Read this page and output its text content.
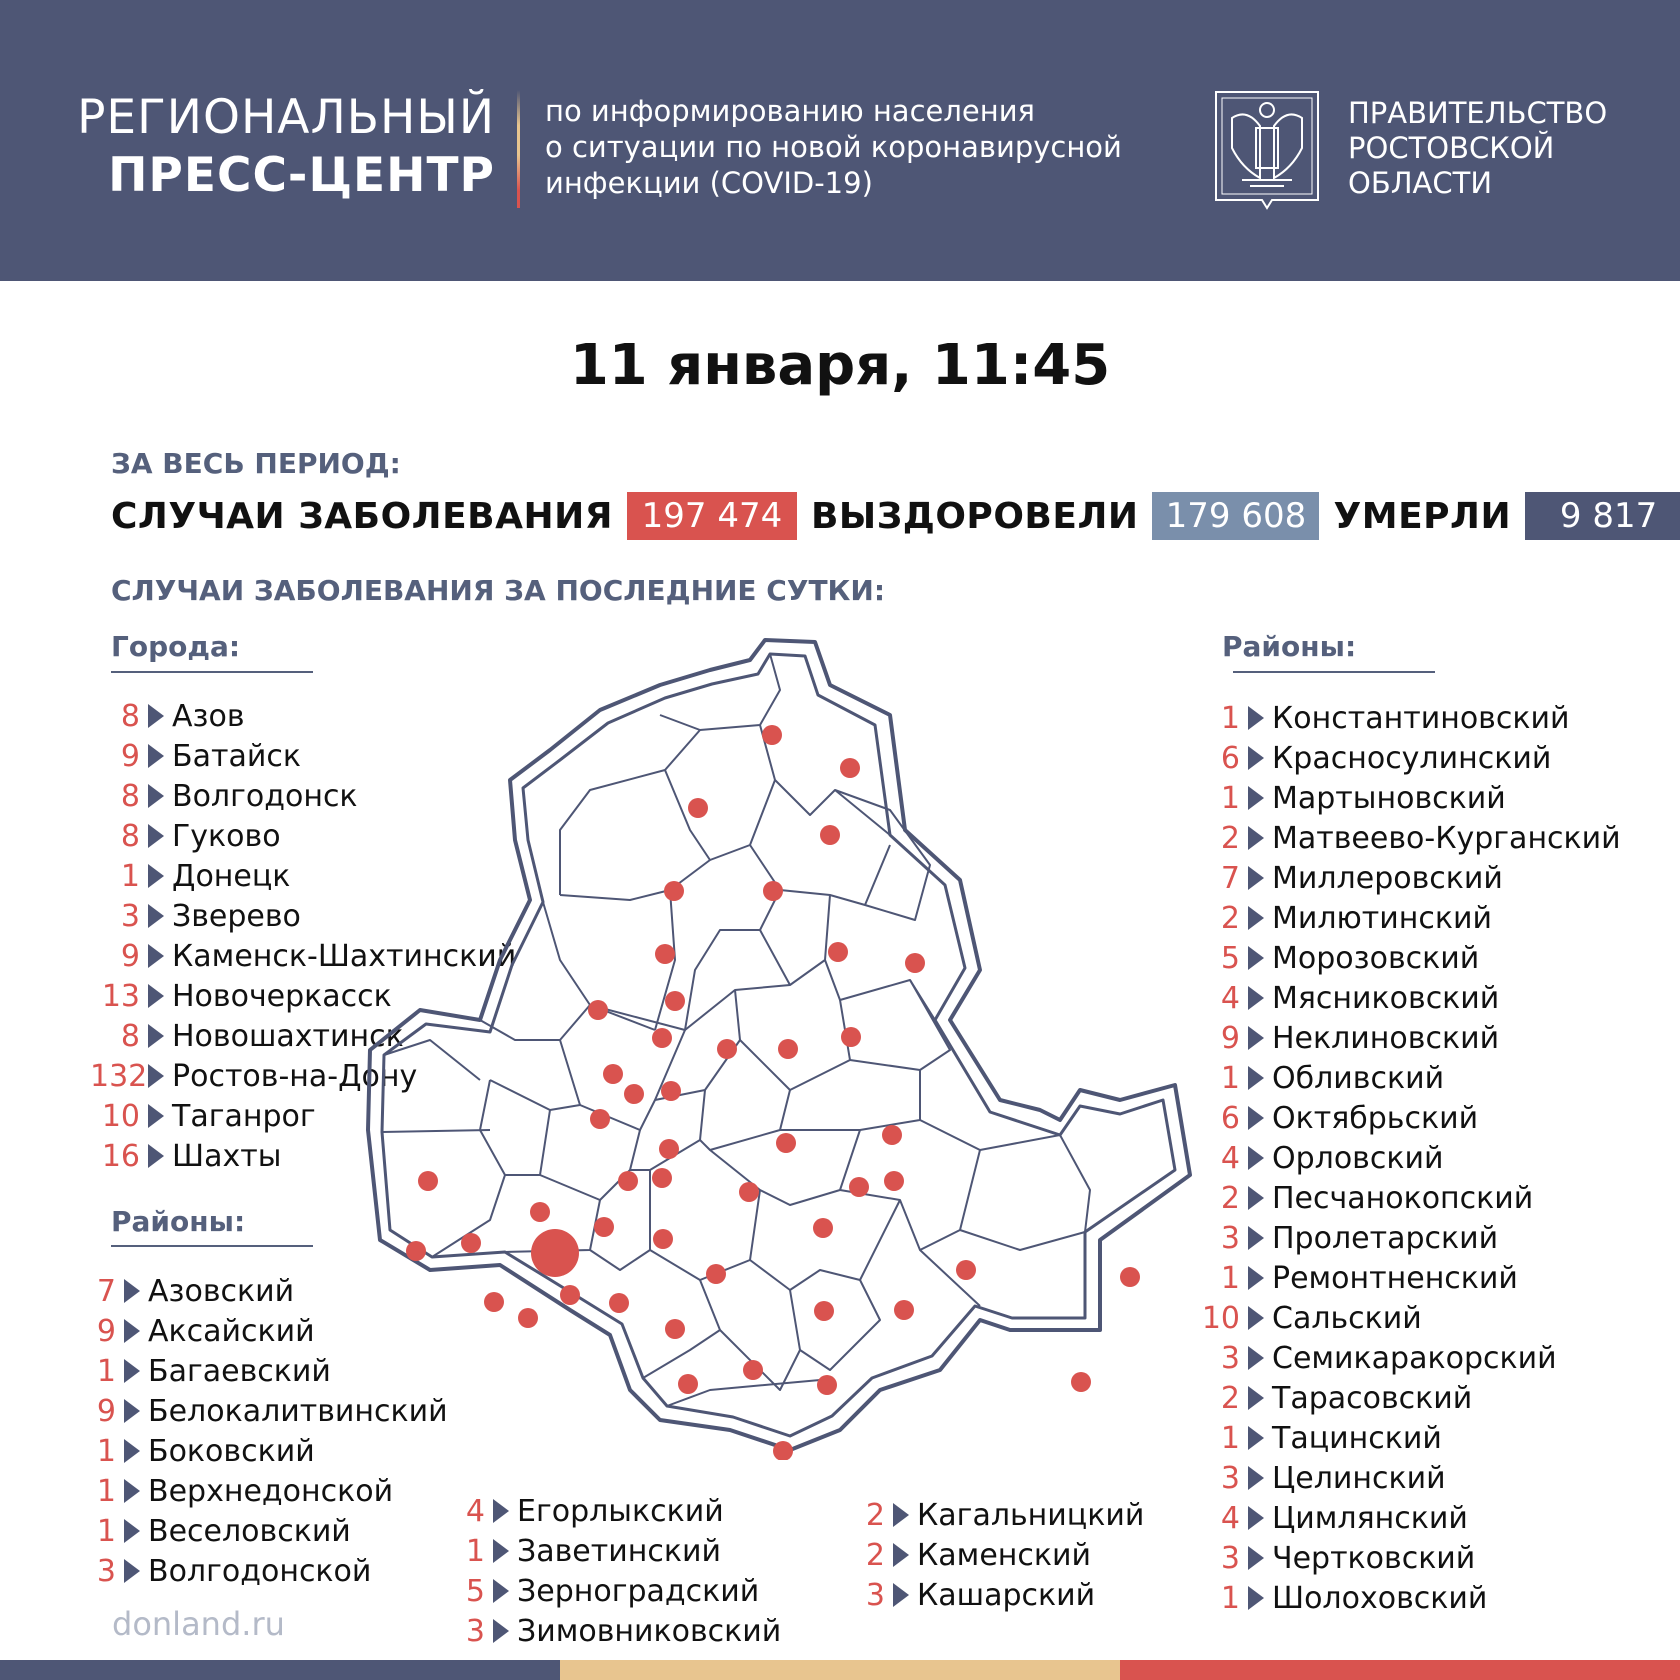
РЕГИОНАЛЬНЫЙ
ПРЕСС-ЦЕНТР
по информированию населения
о ситуации по новой коронавирусной
инфекции (COVID-19)
ПРАВИТЕЛЬСТВО
РОСТОВСКОЙ
ОБЛАСТИ
11 января, 11:45
ЗА ВЕСЬ ПЕРИОД:
СЛУЧАИ ЗАБОЛЕВАНИЯ 197 474 ВЫЗДОРОВЕЛИ 179 608 УМЕРЛИ	9 817
СЛУЧАИ ЗАБОЛЕВАНИЯ ЗА ПОСЛЕДНИЕ СУТКИ:
Города:
8 Азов
9 Батайск
8 Волгодонск
8 Гуково
1 Донецк
3 Зверево
9 Каменск-Шахтинский
13 Новочеркасск
8 Новошахтинск
132 Ростов-на-Дону
10 Таганрог
16 Шахты
Районы:
7 Азовский
9 Аксайский
1 Багаевский
9 Белокалитвинский
1 Боковский
1 Верхнедонской
1 Веселовский
3 Волгодонской
4 Егорлыкский
1 Заветинский
5 Зерноградский
3 Зимовниковский
2 Кагальницкий
2 Каменский
3 Кашарский
Районы:
1 Константиновский
6 Красносулинский
1 Мартыновский
2 Матвеево-Курганский
7 Миллеровский
2 Милютинский
5 Морозовский
4 Мясниковский
9 Неклиновский
1 Обливский
6 Октябрьский
4 Орловский
2 Песчанокопский
3 Пролетарский
1 Ремонтненский
10 Сальский
3 Семикаракорский
2 Тарасовский
1 Тацинский
3 Целинский
4 Цимлянский
3 Чертковский
1 Шолоховский
donland.ru
